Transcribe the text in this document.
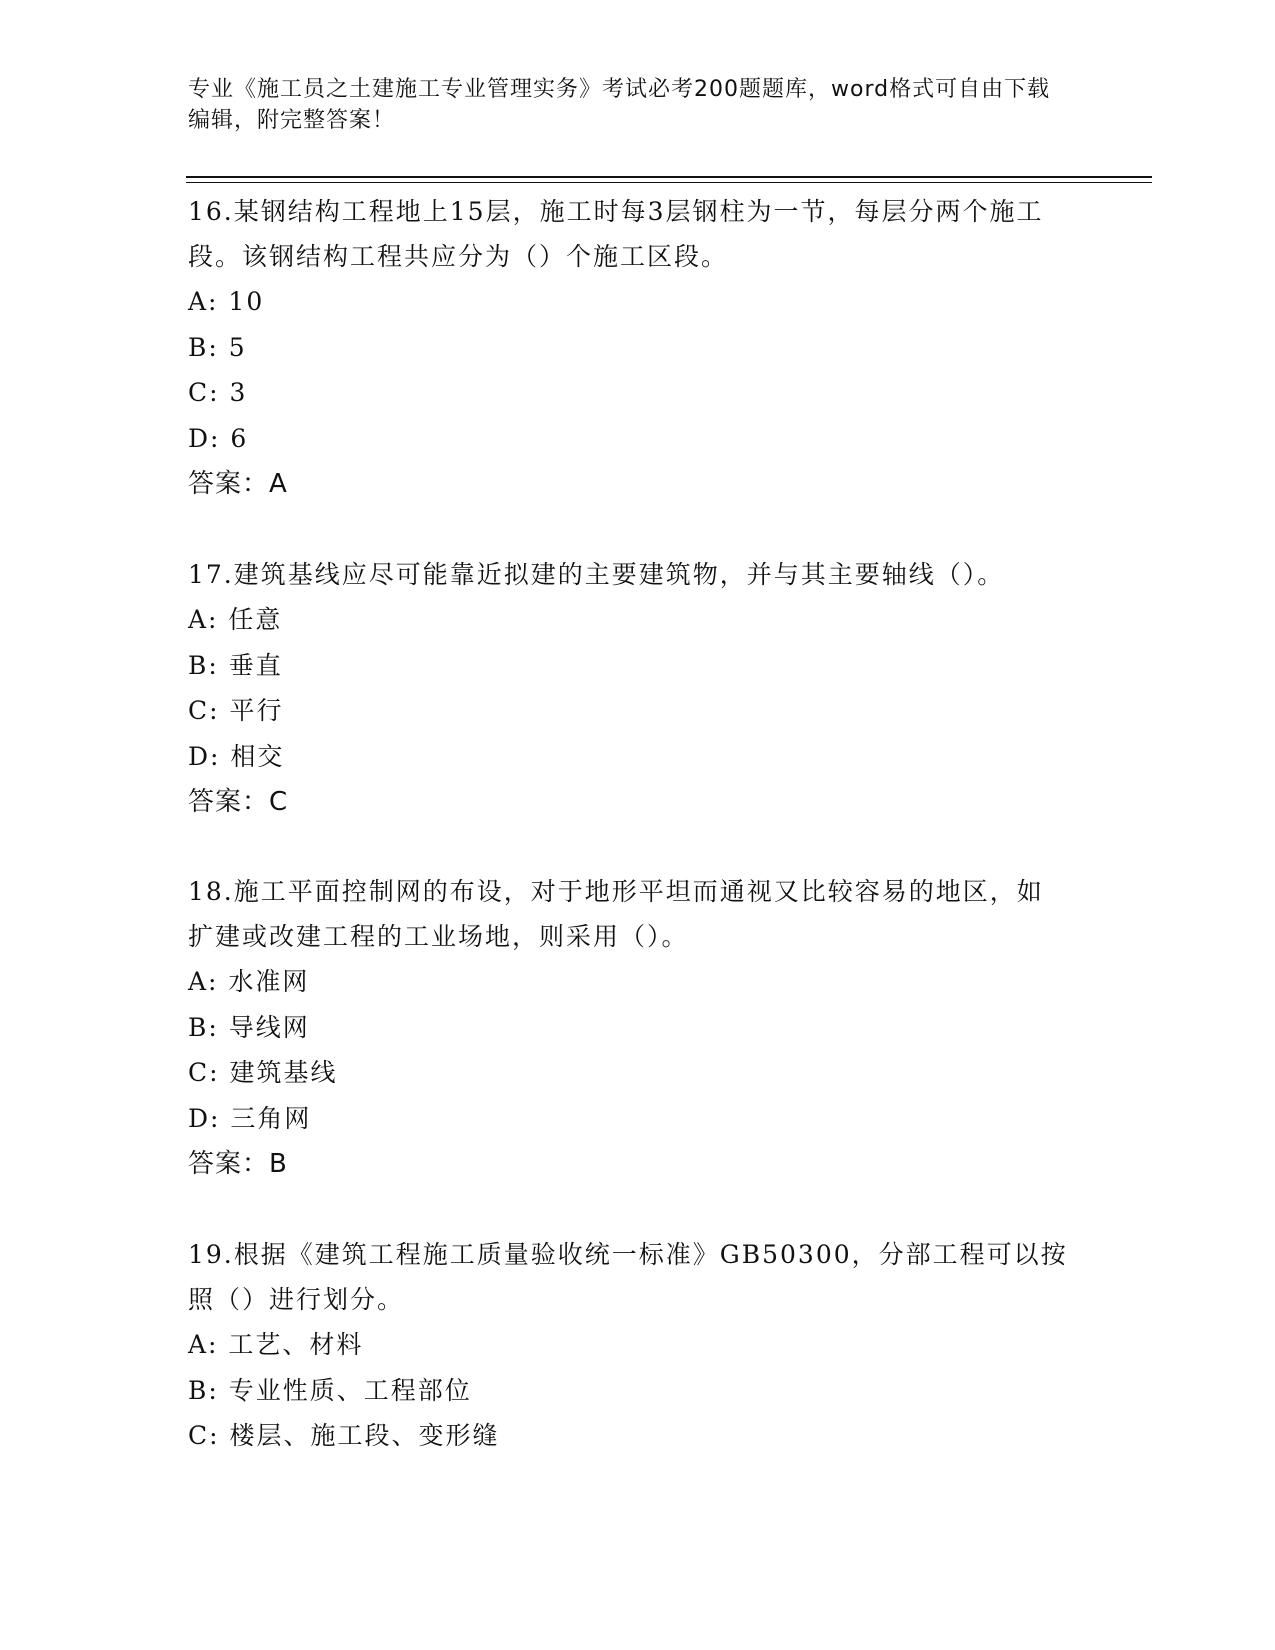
专业《施工员之土建施工专业管理实务》考试必考200题题库，word格式可自由下载编辑，附完整答案！

16.某钢结构工程地上15层，施工时每3层钢柱为一节，每层分两个施工段。该钢结构工程共应分为（）个施工区段。

A: 10

B: 5

C: 3

D: 6

答案：A

17.建筑基线应尽可能靠近拟建的主要建筑物，并与其主要轴线（）。

A: 任意

B: 垂直

C: 平行

D: 相交

答案：C

18.施工平面控制网的布设，对于地形平坦而通视又比较容易的地区，如扩建或改建工程的工业场地，则采用（）。

A: 水准网

B: 导线网

C: 建筑基线

D: 三角网

答案：B

19.根据《建筑工程施工质量验收统一标准》GB50300，分部工程可以按照（）进行划分。

A: 工艺、材料

B: 专业性质、工程部位

C: 楼层、施工段、变形缝
